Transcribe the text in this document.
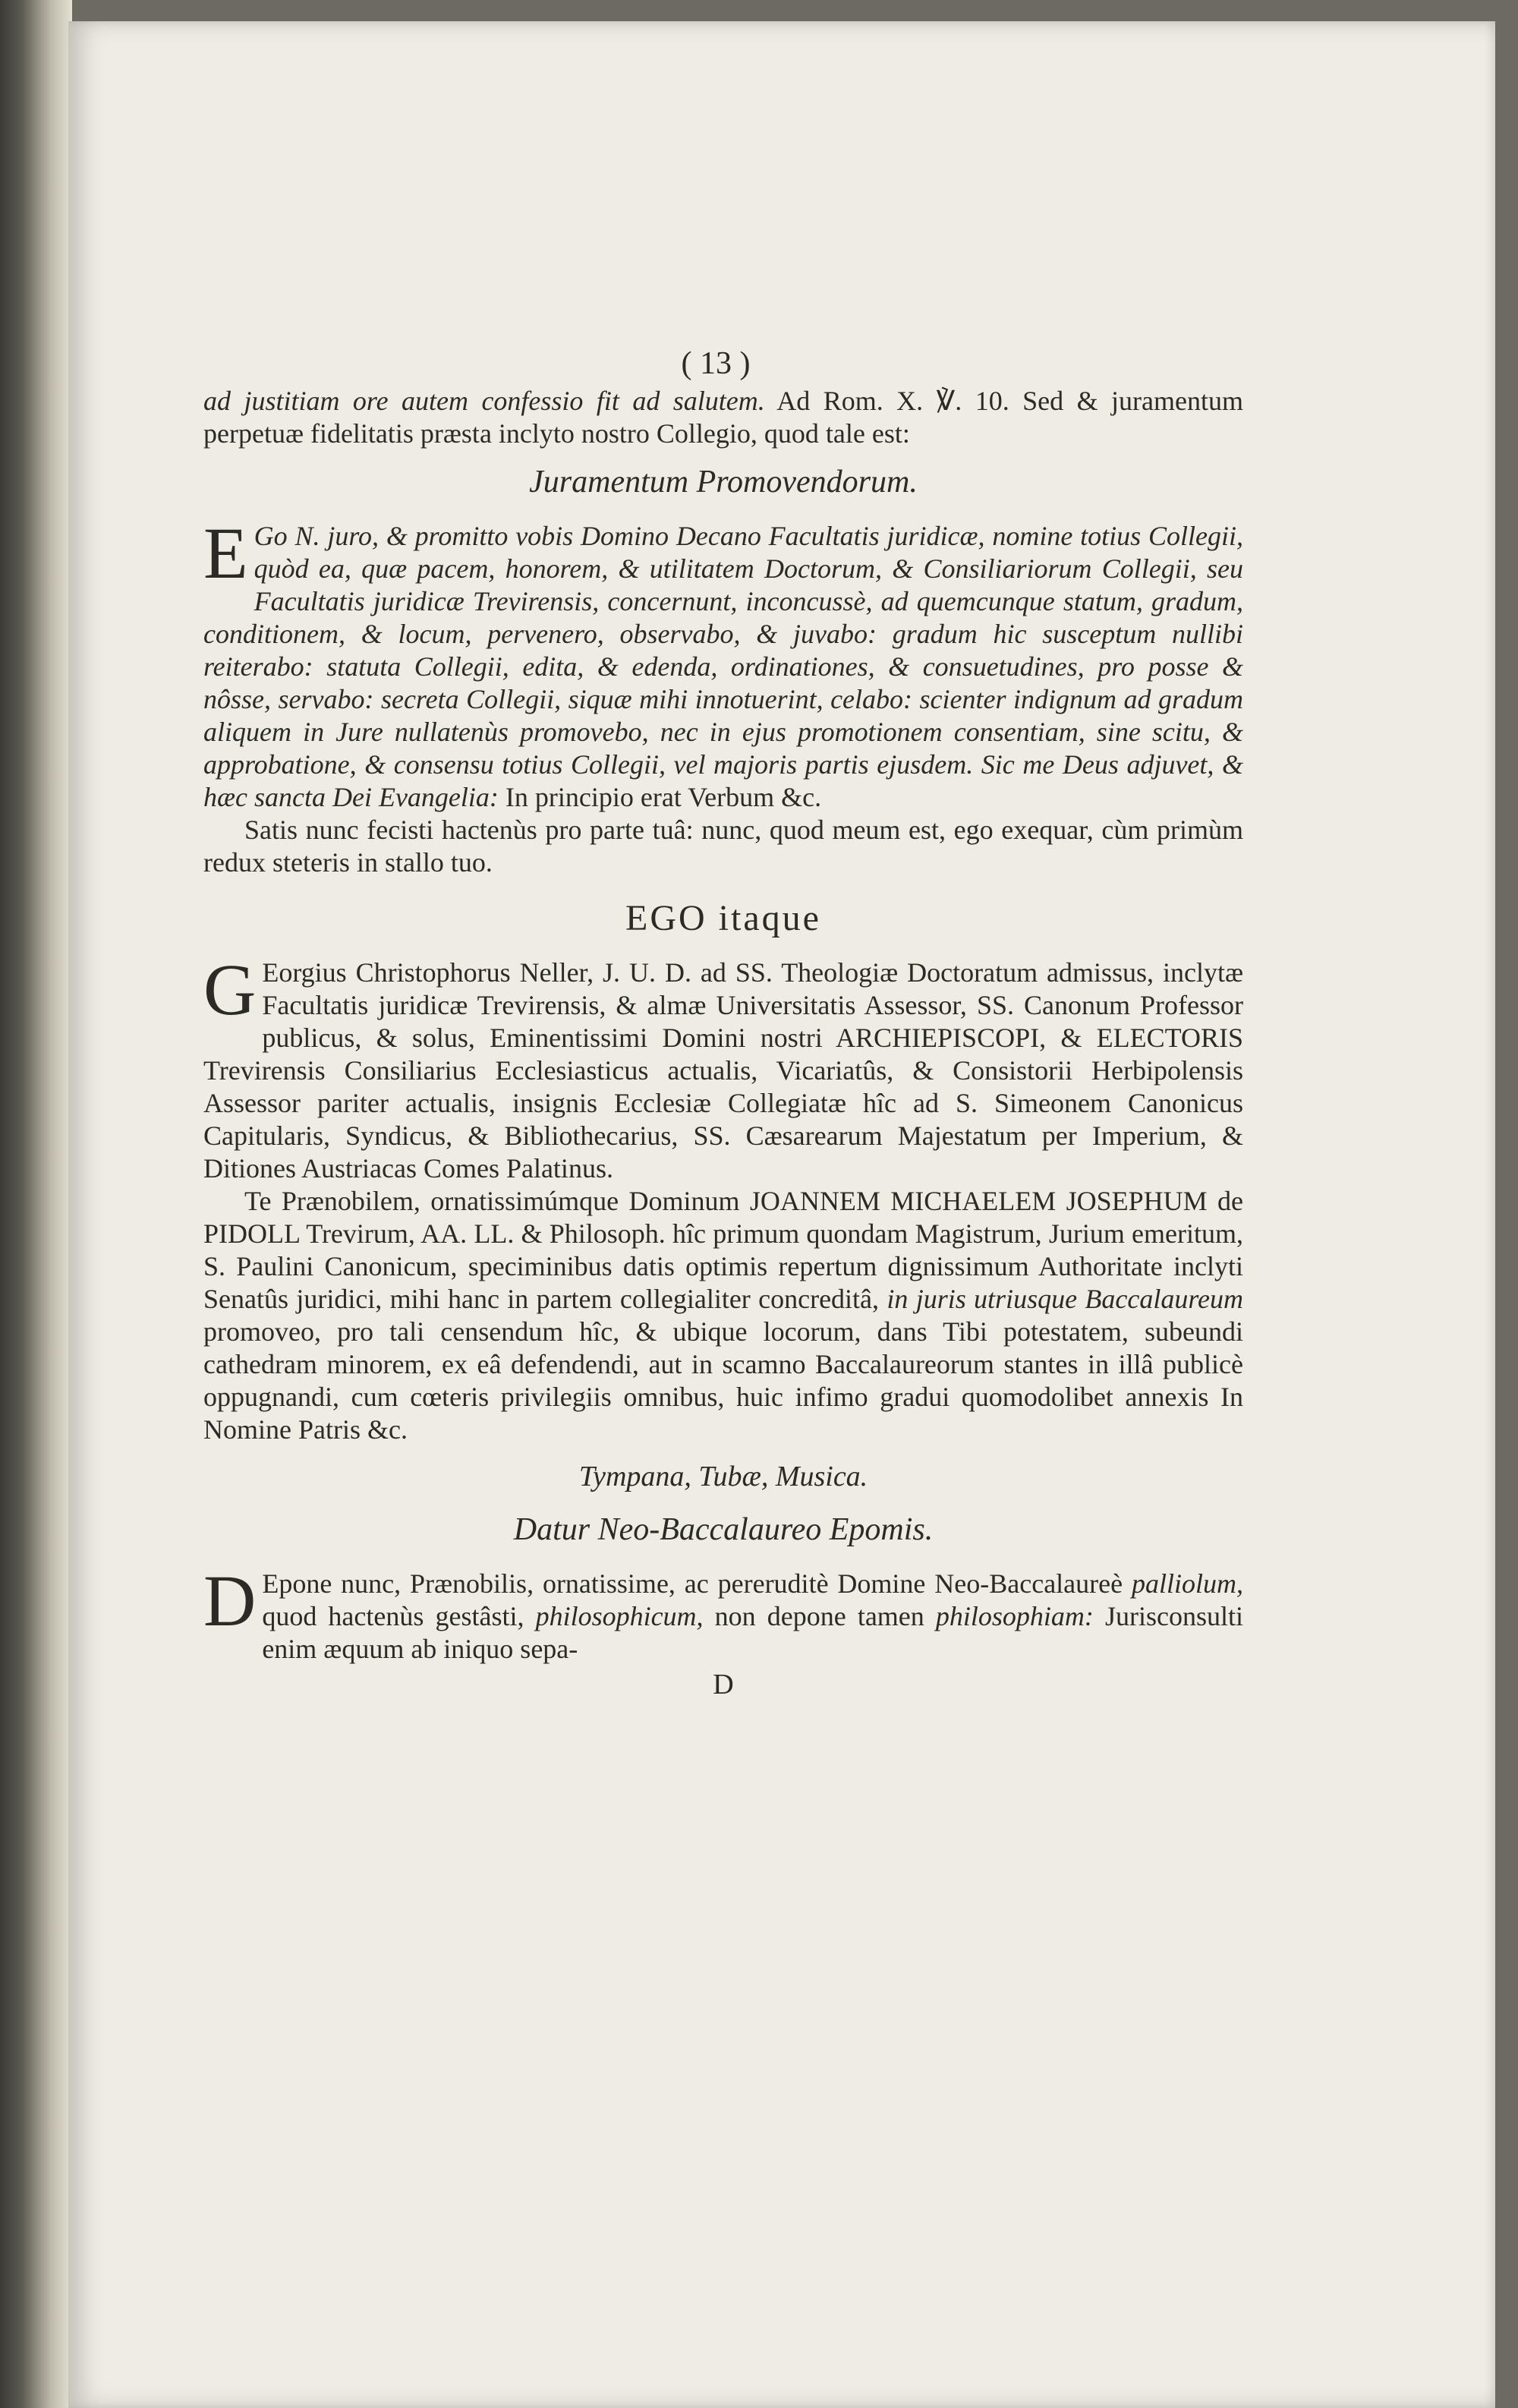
( 13 )

ad justitiam ore autem confessio fit ad salutem. Ad Rom. X. ℣. 10. Sed & juramentum perpetuæ fidelitatis præsta inclyto nostro Collegio, quod tale est:

Juramentum Promovendorum.

E Go N. juro, & promitto vobis Domino Decano Facultatis juridicæ, nomine totius Collegii, quòd ea, quæ pacem, honorem, & utilitatem Doctorum, & Consiliariorum Collegii, seu Facultatis juridicæ Trevirensis, concernunt, inconcussè, ad quemcunque statum, gradum, conditionem, & locum, pervenero, observabo, & juvabo: gradum hic susceptum nullibi reiterabo: statuta Collegii, edita, & edenda, ordinationes, & consuetudines, pro posse & nôsse, servabo: secreta Collegii, siquæ mihi innotuerint, celabo: scienter indignum ad gradum aliquem in Jure nullatenùs promovebo, nec in ejus promotionem consentiam, sine scitu, & approbatione, & consensu totius Collegii, vel majoris partis ejusdem. Sic me Deus adjuvet, & hæc sancta Dei Evangelia: In principio erat Verbum &c.

Satis nunc fecisti hactenùs pro parte tuâ: nunc, quod meum est, ego exequar, cùm primùm redux steteris in stallo tuo.

EGO itaque

G Eorgius Christophorus Neller, J. U. D. ad SS. Theologiæ Doctoratum admissus, inclytæ Facultatis juridicæ Trevirensis, & almæ Universitatis Assessor, SS. Canonum Professor publicus, & solus, Eminentissimi Domini nostri ARCHIEPISCOPI, & ELECTORIS Trevirensis Consiliarius Ecclesiasticus actualis, Vicariatûs, & Consistorii Herbipolensis Assessor pariter actualis, insignis Ecclesiæ Collegiatæ hîc ad S. Simeonem Canonicus Capitularis, Syndicus, & Bibliothecarius, SS. Cæsarearum Majestatum per Imperium, & Ditiones Austriacas Comes Palatinus.

Te Prænobilem, ornatissimúmque Dominum JOANNEM MICHAELEM JOSEPHUM de PIDOLL Trevirum, AA. LL. & Philosoph. hîc primum quondam Magistrum, Jurium emeritum, S. Paulini Canonicum, speciminibus datis optimis repertum dignissimum Authoritate inclyti Senatûs juridici, mihi hanc in partem collegialiter concreditâ, in juris utriusque Baccalaureum promoveo, pro tali censendum hîc, & ubique locorum, dans Tibi potestatem, subeundi cathedram minorem, ex eâ defendendi, aut in scamno Baccalaureorum stantes in illâ publicè oppugnandi, cum cœteris privilegiis omnibus, huic infimo gradui quomodolibet annexis In Nomine Patris &c.

Tympana, Tubæ, Musica.
Datur Neo-Baccalaureo Epomis.

D Epone nunc, Prænobilis, ornatissime, ac pereruditè Domine Neo-Baccalaureè palliolum, quod hactenùs gestâsti, philosophicum, non depone tamen philosophiam: Jurisconsulti enim æquum ab iniquo sepa-

D
